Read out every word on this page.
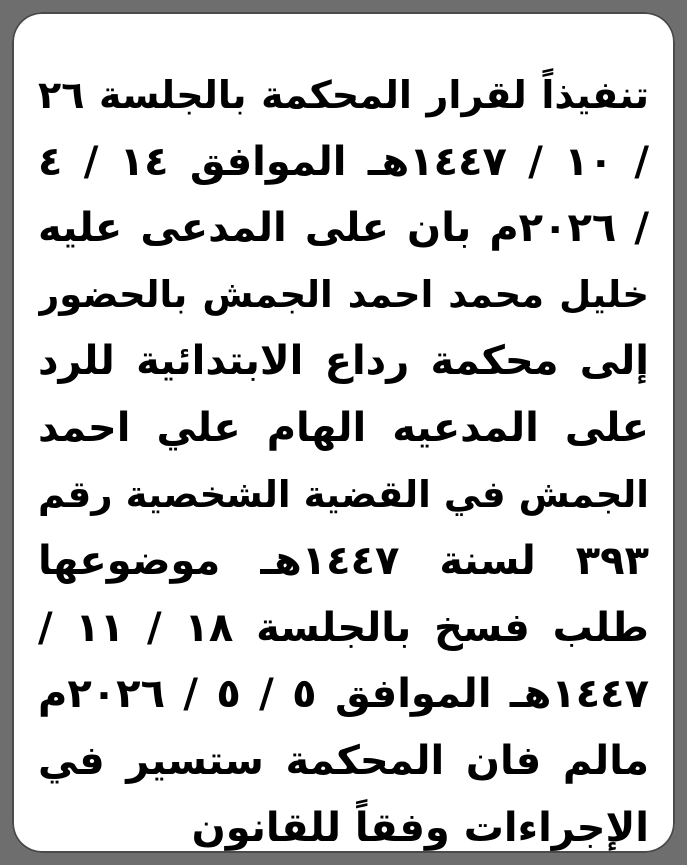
تنفيذاً لقرار المحكمة بالجلسة ٢٦
/ ١٠ / ١٤٤٧هـ الموافق ١٤ / ٤
/ ٢٠٢٦م بان على المدعى عليه
خليل محمد احمد الجمش بالحضور
إلى محكمة رداع الابتدائية للرد
على المدعيه الهام علي احمد
الجمش في القضية الشخصية رقم
٣٩٣ لسنة ١٤٤٧هـ موضوعها
طلب فسخ بالجلسة ١٨ / ١١ /
١٤٤٧هـ الموافق ٥ / ٥ / ٢٠٢٦م
مالم فان المحكمة ستسير في
الإجراءات وفقاً للقانون
